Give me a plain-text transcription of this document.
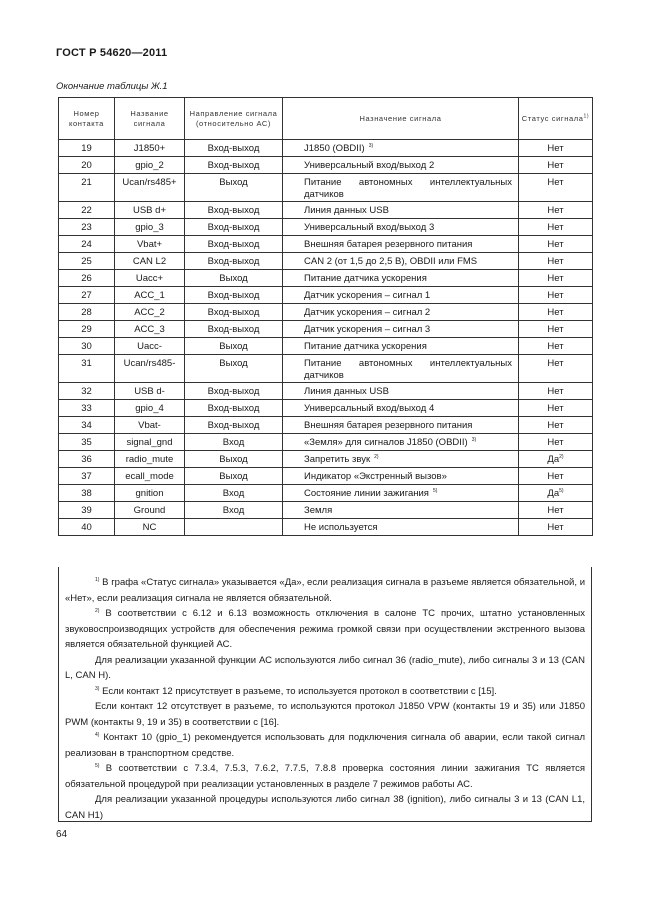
ГОСТ Р 54620—2011
Окончание таблицы Ж.1
Номер контакта	Название сигнала	Направление сигнала (относительно АС)	Назначение сигнала	Статус сигнала$^{1)}$
19	J1850+	Вход-выход	J1850 (OBDII) $^{3)}$	Нет
20	gpio_2	Вход-выход	Универсальный вход/выход 2	Нет
21	Ucan/rs485+	Выход	Питание автономных интеллектуальных датчиков	Нет
22	USB d+	Вход-выход	Линия данных USB	Нет
23	gpio_3	Вход-выход	Универсальный вход/выход 3	Нет
24	Vbat+	Вход-выход	Внешняя батарея резервного питания	Нет
25	CAN L2	Вход-выход	CAN 2 (от 1,5 до 2,5 В), OBDII или FMS	Нет
26	Uacc+	Выход	Питание датчика ускорения	Нет
27	ACC_1	Вход-выход	Датчик ускорения – сигнал 1	Нет
28	ACC_2	Вход-выход	Датчик ускорения – сигнал 2	Нет
29	ACC_3	Вход-выход	Датчик ускорения – сигнал 3	Нет
30	Uacc-	Выход	Питание датчика ускорения	Нет
31	Ucan/rs485-	Выход	Питание автономных интеллектуальных датчиков	Нет
32	USB d-	Вход-выход	Линия данных USB	Нет
33	gpio_4	Вход-выход	Универсальный вход/выход 4	Нет
34	Vbat-	Вход-выход	Внешняя батарея резервного питания	Нет
35	signal_gnd	Вход	«Земля» для сигналов J1850 (OBDII) $^{3)}$	Нет
36	radio_mute	Выход	Запретить звук $^{2)}$	$Да^{2)}$
37	ecall_mode	Выход	Индикатор «Экстренный вызов»	Нет
38	gnition	Вход	Состояние линии зажигания $^{5)}$	$Да^{5)}$
39	Ground	Вход	Земля	Нет
40	NC		Не используется	Нет

$^{1)}$ В графа «Статус сигнала» указывается «Да», если реализация сигнала в разъеме является обязательной, и «Нет», если реализация сигнала не является обязательной.

$^{2)}$ В соответствии с 6.12 и 6.13 возможность отключения в салоне ТС прочих, штатно установленных звуковоспроизводящих устройств для обеспечения режима громкой связи при осуществлении экстренного вызова является обязательной функцией АС.

Для реализации указанной функции АС используются либо сигнал 36 (radio_mute), либо сигналы 3 и 13 (CAN L, CAN H).

$^{3)}$ Если контакт 12 присутствует в разъеме, то используется протокол в соответствии с [15].

Если контакт 12 отсутствует в разъеме, то используются протокол J1850 VPW (контакты 19 и 35) или J1850 PWM (контакты 9, 19 и 35) в соответствии с [16].

$^{4)}$ Контакт 10 (gpio_1) рекомендуется использовать для подключения сигнала об аварии, если такой сигнал реализован в транспортном средстве.

$^{5)}$ В соответствии с 7.3.4, 7.5.3, 7.6.2, 7.7.5, 7.8.8 проверка состояния линии зажигания ТС является обязательной процедурой при реализации установленных в разделе 7 режимов работы АС.

Для реализации указанной процедуры используются либо сигнал 38 (ignition), либо сигналы 3 и 13 (CAN L1, CAN H1)

64
